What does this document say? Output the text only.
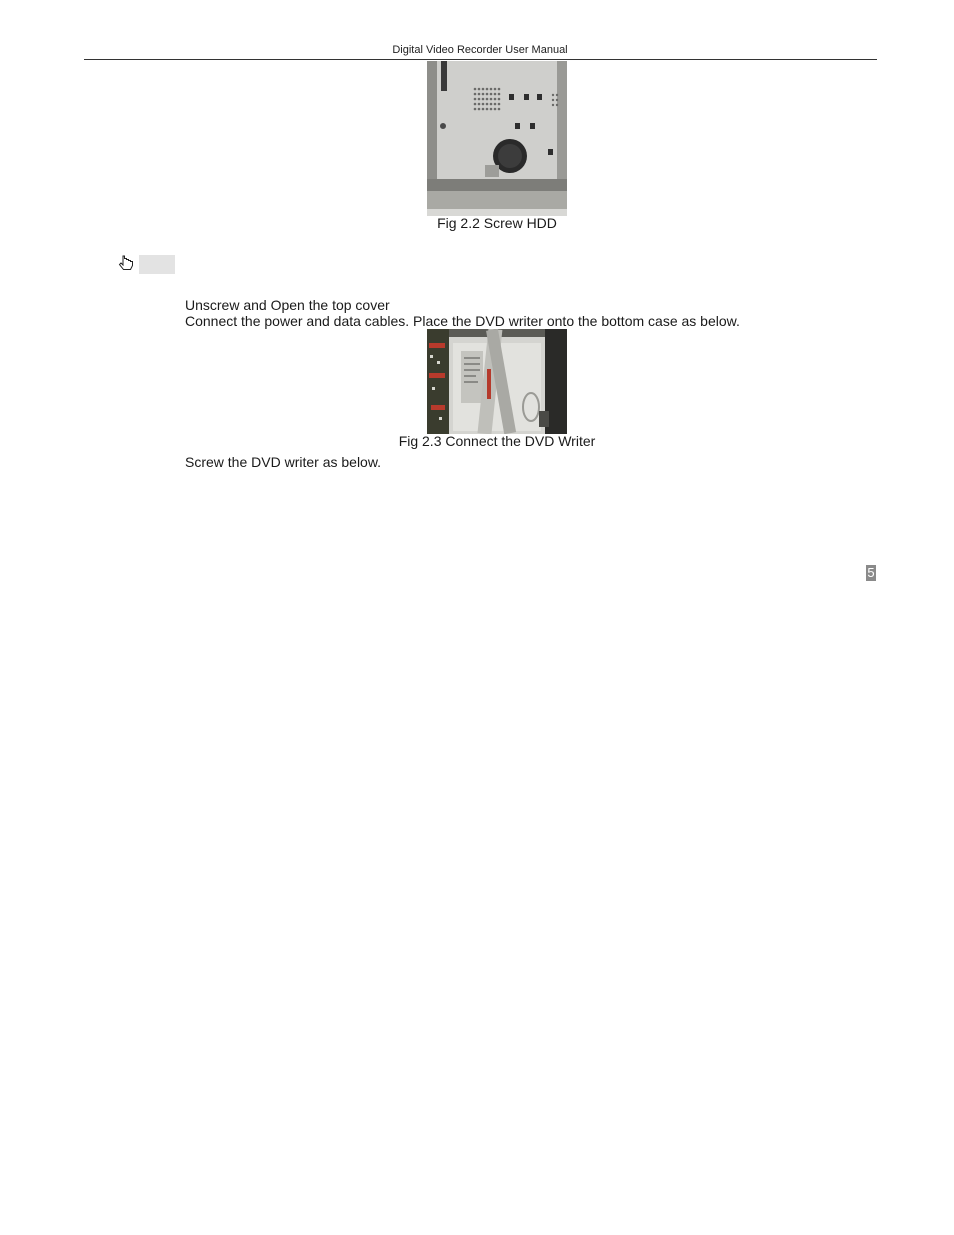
Digital Video Recorder User Manual
Fig 2.2 Screw HDD
Unscrew and Open the top cover
Connect the power and data cables. Place the DVD writer onto the bottom case as below.
Fig 2.3 Connect the DVD Writer
Screw the DVD writer as below.
5
